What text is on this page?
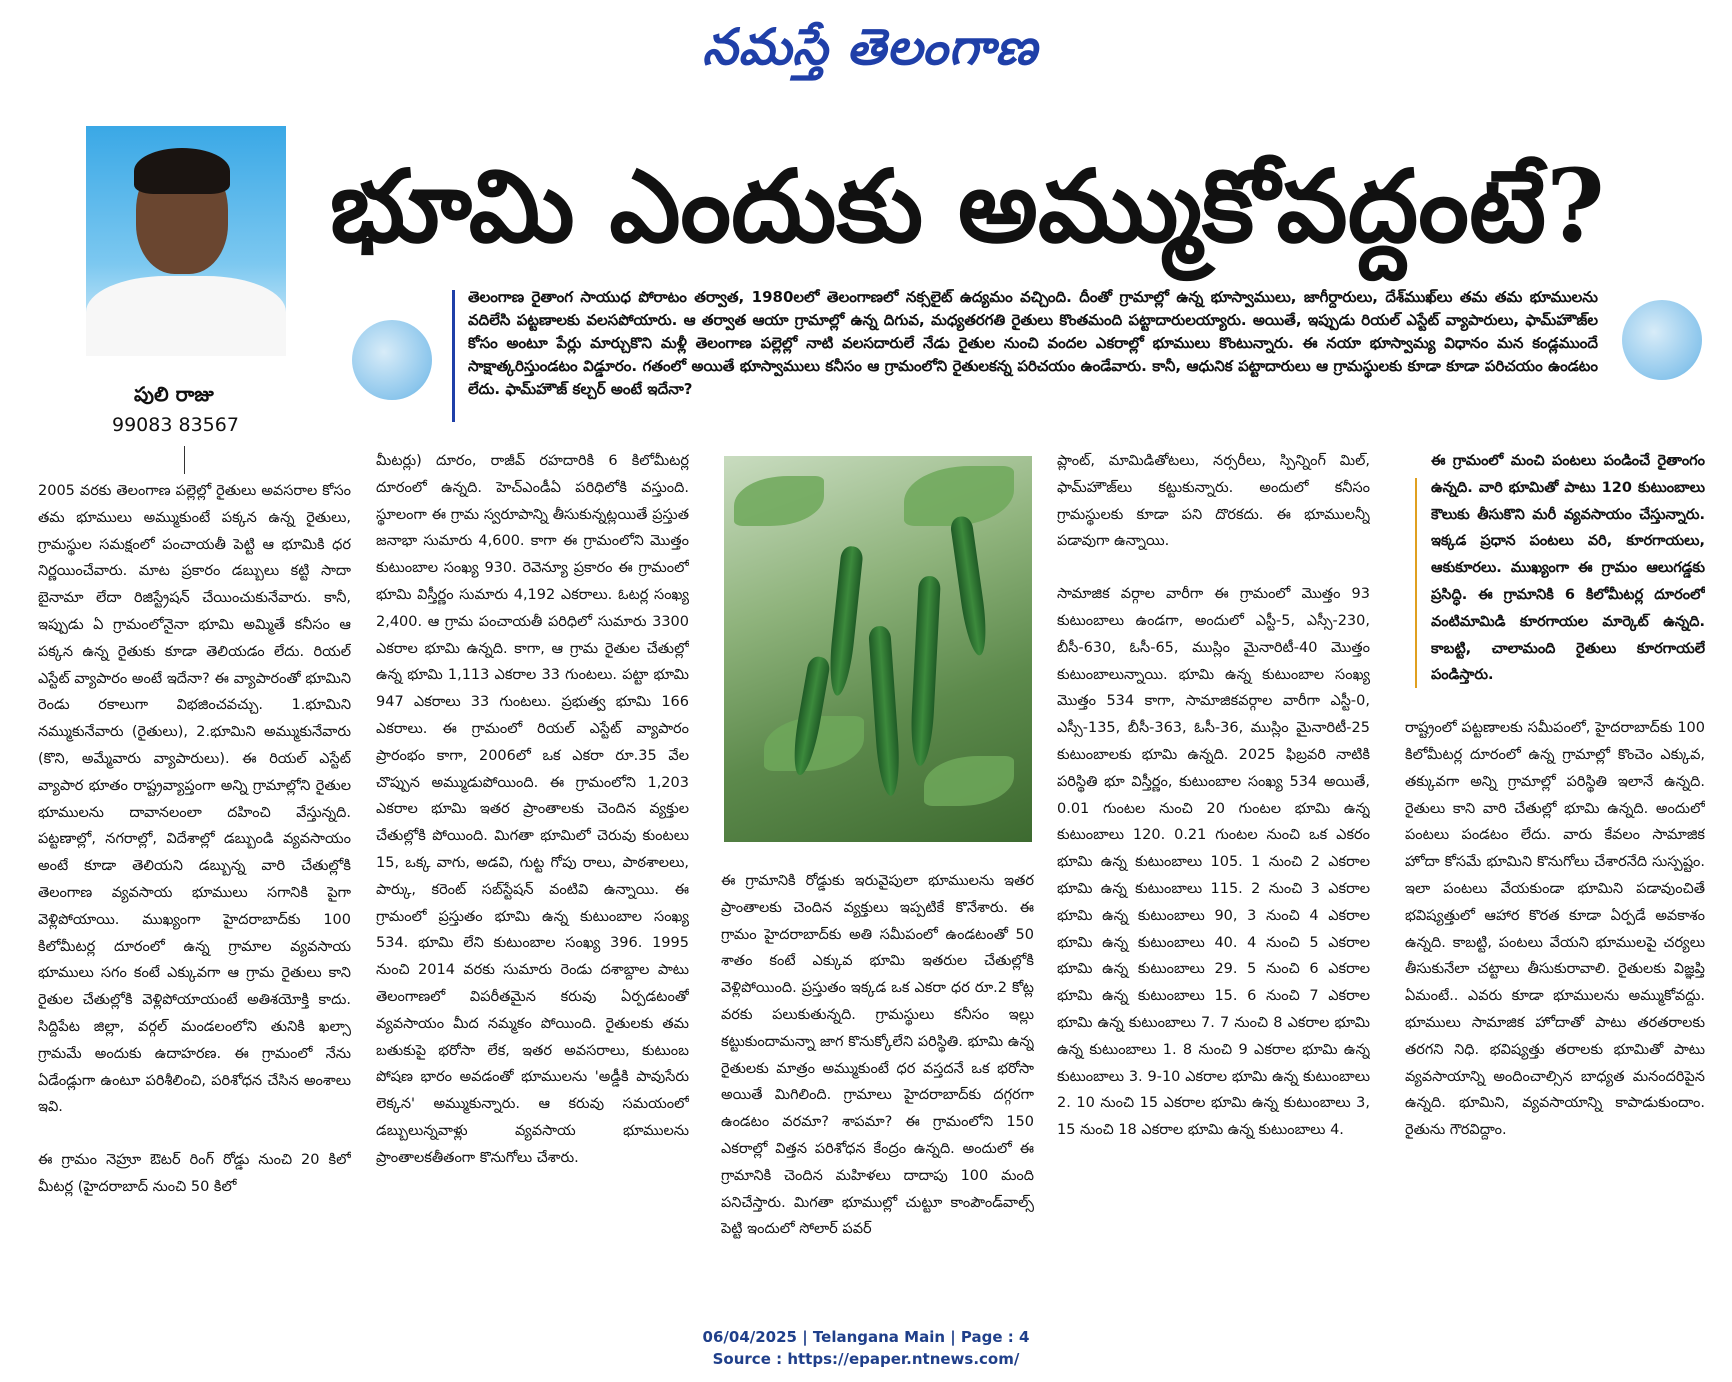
నమస్తే తెలంగాణ
పులి రాజు
99083 83567
భూమి ఎందుకు అమ్ముకోవద్దంటే?
తెలంగాణ రైతాంగ సాయుధ పోరాటం తర్వాత, 1980లలో తెలంగాణలో నక్సలైట్ ఉద్యమం వచ్చింది. దీంతో గ్రామాల్లో ఉన్న భూస్వాములు, జాగీర్దారులు, దేశ్‌ముఖ్‌లు తమ తమ భూములను వదిలేసి పట్టణాలకు వలసపోయారు. ఆ తర్వాత ఆయా గ్రామాల్లో ఉన్న దిగువ, మధ్యతరగతి రైతులు కొంతమంది పట్టాదారులయ్యారు. అయితే, ఇప్పుడు రియల్ ఎస్టేట్ వ్యాపారులు, ఫామ్‌హౌజ్‌ల కోసం అంటూ పేర్లు మార్చుకొని మళ్లీ తెలంగాణ పల్లెల్లో నాటి వలసదారులే నేడు రైతుల నుంచి వందల ఎకరాల్లో భూములు కొంటున్నారు. ఈ నయా భూస్వామ్య విధానం మన కండ్లముందే సాక్షాత్కరిస్తుండటం విడ్డూరం. గతంలో అయితే భూస్వాములు కనీసం ఆ గ్రామంలోని రైతులకన్న పరిచయం ఉండేవారు. కానీ, ఆధునిక పట్టాదారులు ఆ గ్రామస్థులకు కూడా కూడా పరిచయం ఉండటం లేదు. ఫామ్‌హౌజ్ కల్చర్ అంటే ఇదేనా?

2005 వరకు తెలంగాణ పల్లెల్లో రైతులు అవసరాల కోసం తమ భూములు అమ్ముకుంటే పక్కన ఉన్న రైతులు, గ్రామస్థుల సమక్షంలో పంచాయతీ పెట్టి ఆ భూమికి ధర నిర్ణయించేవారు. మాట ప్రకారం డబ్బులు కట్టి సాదా బైనామా లేదా రిజిస్ట్రేషన్ చేయించుకునేవారు. కానీ, ఇప్పుడు ఏ గ్రామంలోనైనా భూమి అమ్మితే కనీసం ఆ పక్కన ఉన్న రైతుకు కూడా తెలియడం లేదు. రియల్ ఎస్టేట్ వ్యాపారం అంటే ఇదేనా? ఈ వ్యాపారంతో భూమిని రెండు రకాలుగా విభజించవచ్చు. 1.భూమిని నమ్ముకునేవారు (రైతులు), 2.భూమిని అమ్ముకునేవారు (కొని, అమ్మేవారు వ్యాపారులు). ఈ రియల్ ఎస్టేట్ వ్యాపార భూతం రాష్ట్రవ్యాప్తంగా అన్ని గ్రామాల్లోని రైతుల భూములను దావానలంలా దహించి వేస్తున్నది. పట్టణాల్లో, నగరాల్లో, విదేశాల్లో డబ్బుండి వ్యవసాయం అంటే కూడా తెలియని డబ్బున్న వారి చేతుల్లోకి తెలంగాణ వ్యవసాయ భూములు సగానికి పైగా వెళ్లిపోయాయి. ముఖ్యంగా హైదరాబాద్‌కు 100 కిలోమీటర్ల దూరంలో ఉన్న గ్రామాల వ్యవసాయ భూములు సగం కంటే ఎక్కువగా ఆ గ్రామ రైతులు కాని రైతుల చేతుల్లోకి వెళ్లిపోయాయంటే అతిశయోక్తి కాదు. సిద్దిపేట జిల్లా, వర్గల్ మండలంలోని తునికి ఖల్సా గ్రామమే అందుకు ఉదాహరణ. ఈ గ్రామంలో నేను ఏడేండ్లుగా ఉంటూ పరిశీలించి, పరిశోధన చేసిన అంశాలు ఇవి.

ఈ గ్రామం నెహ్రూ ఔటర్ రింగ్ రోడ్డు నుంచి 20 కిలో మీటర్ల (హైదరాబాద్ నుంచి 50 కిలో

మీటర్లు) దూరం, రాజీవ్ రహదారికి 6 కిలోమీటర్ల దూరంలో ఉన్నది. హెచ్‌ఎండీఏ పరిధిలోకి వస్తుంది. స్థూలంగా ఈ గ్రామ స్వరూపాన్ని తీసుకున్నట్లయితే ప్రస్తుత జనాభా సుమారు 4,600. కాగా ఈ గ్రామంలోని మొత్తం కుటుంబాల సంఖ్య 930. రెవెన్యూ ప్రకారం ఈ గ్రామంలో భూమి విస్తీర్ణం సుమారు 4,192 ఎకరాలు. ఓటర్ల సంఖ్య 2,400. ఆ గ్రామ పంచాయతీ పరిధిలో సుమారు 3300 ఎకరాల భూమి ఉన్నది. కాగా, ఆ గ్రామ రైతుల చేతుల్లో ఉన్న భూమి 1,113 ఎకరాల 33 గుంటలు. పట్టా భూమి 947 ఎకరాలు 33 గుంటలు. ప్రభుత్వ భూమి 166 ఎకరాలు. ఈ గ్రామంలో రియల్ ఎస్టేట్ వ్యాపారం ప్రారంభం కాగా, 2006లో ఒక ఎకరా రూ.35 వేల చొప్పున అమ్ముడుపోయింది. ఈ గ్రామంలోని 1,203 ఎకరాల భూమి ఇతర ప్రాంతాలకు చెందిన వ్యక్తుల చేతుల్లోకి పోయింది. మిగతా భూమిలో చెరువు కుంటలు 15, ఒక్క వాగు, అడవి, గుట్ట గోపు రాలు, పాఠశాలలు, పార్కు, కరెంట్ సబ్‌స్టేషన్ వంటివి ఉన్నాయి. ఈ గ్రామంలో ప్రస్తుతం భూమి ఉన్న కుటుంబాల సంఖ్య 534. భూమి లేని కుటుంబాల సంఖ్య 396. 1995 నుంచి 2014 వరకు సుమారు రెండు దశాబ్దాల పాటు తెలంగాణలో విపరీతమైన కరువు ఏర్పడటంతో వ్యవసాయం మీద నమ్మకం పోయింది. రైతులకు తమ బతుకుపై భరోసా లేక, ఇతర అవసరాలు, కుటుంబ పోషణ భారం అవడంతో భూములను 'అడ్డీకి పావుసేరు లెక్కన' అమ్ముకున్నారు. ఆ కరువు సమయంలో డబ్బులున్నవాళ్లు వ్యవసాయ భూములను ప్రాంతాలకతీతంగా కొనుగోలు చేశారు.

ఈ గ్రామానికి రోడ్డుకు ఇరువైపులా భూములను ఇతర ప్రాంతాలకు చెందిన వ్యక్తులు ఇప్పటికే కొనేశారు. ఈ గ్రామం హైదరాబాద్‌కు అతి సమీపంలో ఉండటంతో 50 శాతం కంటే ఎక్కువ భూమి ఇతరుల చేతుల్లోకి వెళ్లిపోయింది. ప్రస్తుతం ఇక్కడ ఒక ఎకరా ధర రూ.2 కోట్ల వరకు పలుకుతున్నది. గ్రామస్థులు కనీసం ఇల్లు కట్టుకుందామన్నా జాగ కొనుక్కోలేని పరిస్థితి. భూమి ఉన్న రైతులకు మాత్రం అమ్ముకుంటే ధర వస్తదనే ఒక భరోసా అయితే మిగిలింది. గ్రామాలు హైదరాబాద్‌కు దగ్గరగా ఉండటం వరమా? శాపమా? ఈ గ్రామంలోని 150 ఎకరాల్లో విత్తన పరిశోధన కేంద్రం ఉన్నది. అందులో ఈ గ్రామానికి చెందిన మహిళలు దాదాపు 100 మంది పనిచేస్తారు. మిగతా భూముల్లో చుట్టూ కాంపౌండ్‌వాల్స్ పెట్టి ఇందులో సోలార్ పవర్

ప్లాంట్, మామిడితోటలు, నర్సరీలు, స్పిన్నింగ్ మిల్, ఫామ్‌హౌజ్‌లు కట్టుకున్నారు. అందులో కనీసం గ్రామస్థులకు కూడా పని దొరకదు. ఈ భూములన్నీ పడావుగా ఉన్నాయి.

సామాజిక వర్గాల వారీగా ఈ గ్రామంలో మొత్తం 93 కుటుంబాలు ఉండగా, అందులో ఎస్టీ-5, ఎస్సీ-230, బీసీ-630, ఓసీ-65, ముస్లిం మైనారిటీ-40 మొత్తం కుటుంబాలున్నాయి. భూమి ఉన్న కుటుంబాల సంఖ్య మొత్తం 534 కాగా, సామాజికవర్గాల వారీగా ఎస్టీ-0, ఎస్సీ-135, బీసీ-363, ఓసీ-36, ముస్లిం మైనారిటీ-25 కుటుంబాలకు భూమి ఉన్నది. 2025 ఫిబ్రవరి నాటికి పరిస్థితి భూ విస్తీర్ణం, కుటుంబాల సంఖ్య 534 అయితే, 0.01 గుంటల నుంచి 20 గుంటల భూమి ఉన్న కుటుంబాలు 120. 0.21 గుంటల నుంచి ఒక ఎకరం భూమి ఉన్న కుటుంబాలు 105. 1 నుంచి 2 ఎకరాల భూమి ఉన్న కుటుంబాలు 115. 2 నుంచి 3 ఎకరాల భూమి ఉన్న కుటుంబాలు 90, 3 నుంచి 4 ఎకరాల భూమి ఉన్న కుటుంబాలు 40. 4 నుంచి 5 ఎకరాల భూమి ఉన్న కుటుంబాలు 29. 5 నుంచి 6 ఎకరాల భూమి ఉన్న కుటుంబాలు 15. 6 నుంచి 7 ఎకరాల భూమి ఉన్న కుటుంబాలు 7. 7 నుంచి 8 ఎకరాల భూమి ఉన్న కుటుంబాలు 1. 8 నుంచి 9 ఎకరాల భూమి ఉన్న కుటుంబాలు 3. 9-10 ఎకరాల భూమి ఉన్న కుటుంబాలు 2. 10 నుంచి 15 ఎకరాల భూమి ఉన్న కుటుంబాలు 3, 15 నుంచి 18 ఎకరాల భూమి ఉన్న కుటుంబాలు 4.

ఈ గ్రామంలో మంచి పంటలు పండించే రైతాంగం ఉన్నది. వారి భూమితో పాటు 120 కుటుంబాలు కౌలుకు తీసుకొని మరీ వ్యవసాయం చేస్తున్నారు. ఇక్కడ ప్రధాన పంటలు వరి, కూరగాయలు, ఆకుకూరలు. ముఖ్యంగా ఈ గ్రామం ఆలుగడ్డకు ప్రసిద్ధి. ఈ గ్రామానికి 6 కిలోమీటర్ల దూరంలో వంటిమామిడి కూరగాయల మార్కెట్ ఉన్నది. కాబట్టి, చాలామంది రైతులు కూరగాయలే పండిస్తారు.

రాష్ట్రంలో పట్టణాలకు సమీపంలో, హైదరాబాద్‌కు 100 కిలోమీటర్ల దూరంలో ఉన్న గ్రామాల్లో కొంచెం ఎక్కువ, తక్కువగా అన్ని గ్రామాల్లో పరిస్థితి ఇలానే ఉన్నది. రైతులు కాని వారి చేతుల్లో భూమి ఉన్నది. అందులో పంటలు పండటం లేదు. వారు కేవలం సామాజిక హోదా కోసమే భూమిని కొనుగోలు చేశారనేది సుస్పష్టం. ఇలా పంటలు వేయకుండా భూమిని పడావుంచితే భవిష్యత్తులో ఆహార కొరత కూడా ఏర్పడే అవకాశం ఉన్నది. కాబట్టి, పంటలు వేయని భూములపై చర్యలు తీసుకునేలా చట్టాలు తీసుకురావాలి. రైతులకు విజ్ఞప్తి ఏమంటే.. ఎవరు కూడా భూములను అమ్ముకోవద్దు. భూములు సామాజిక హోదాతో పాటు తరతరాలకు తరగని నిధి. భవిష్యత్తు తరాలకు భూమితో పాటు వ్యవసాయాన్ని అందించాల్సిన బాధ్యత మనందరిపైన ఉన్నది. భూమిని, వ్యవసాయాన్ని కాపాడుకుందాం. రైతును గౌరవిద్దాం.

06/04/2025 | Telangana Main | Page : 4
Source : https://epaper.ntnews.com/
